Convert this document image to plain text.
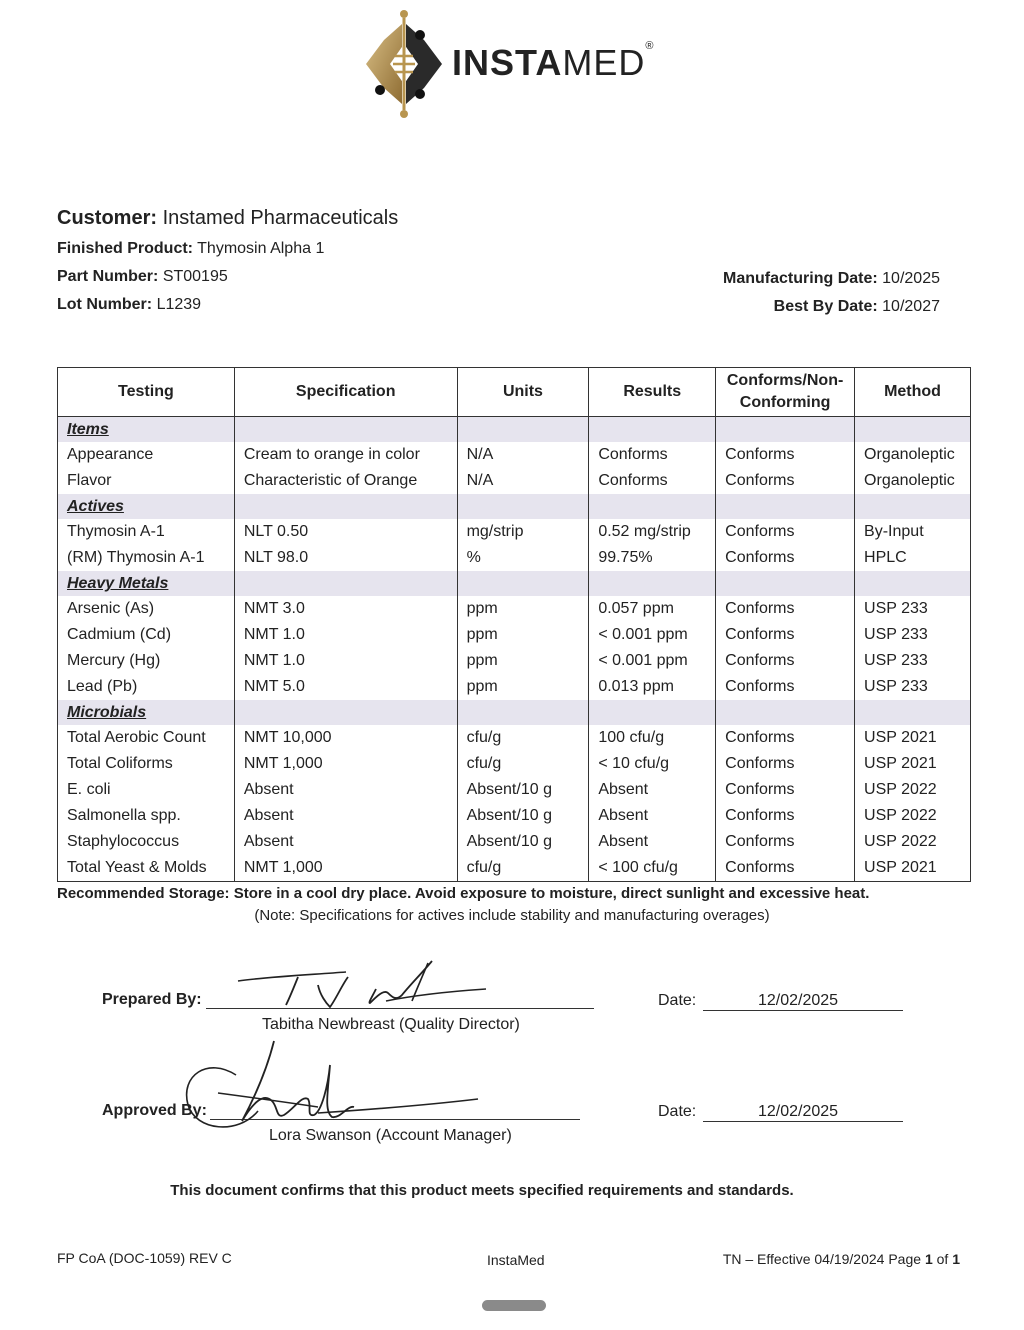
INSTAMED®
Customer: Instamed Pharmaceuticals
Finished Product: Thymosin Alpha 1
Part Number: ST00195
Lot Number: L1239
Manufacturing Date: 10/2025
Best By Date: 10/2027
Testing	Specification	Units	Results	Conforms/Non-Conforming	Method
Items					
Appearance	Cream to orange in color	N/A	Conforms	Conforms	Organoleptic
Flavor	Characteristic of Orange	N/A	Conforms	Conforms	Organoleptic
Actives					
Thymosin A-1	NLT 0.50	mg/strip	0.52 mg/strip	Conforms	By-Input
(RM) Thymosin A-1	NLT 98.0	%	99.75%	Conforms	HPLC
Heavy Metals					
Arsenic (As)	NMT 3.0	ppm	0.057 ppm	Conforms	USP 233
Cadmium (Cd)	NMT 1.0	ppm	< 0.001 ppm	Conforms	USP 233
Mercury (Hg)	NMT 1.0	ppm	< 0.001 ppm	Conforms	USP 233
Lead (Pb)	NMT 5.0	ppm	0.013 ppm	Conforms	USP 233
Microbials					
Total Aerobic Count	NMT 10,000	cfu/g	100 cfu/g	Conforms	USP 2021
Total Coliforms	NMT 1,000	cfu/g	< 10 cfu/g	Conforms	USP 2021
E. coli	Absent	Absent/10 g	Absent	Conforms	USP 2022
Salmonella spp.	Absent	Absent/10 g	Absent	Conforms	USP 2022
Staphylococcus	Absent	Absent/10 g	Absent	Conforms	USP 2022
Total Yeast & Molds	NMT 1,000	cfu/g	< 100 cfu/g	Conforms	USP 2021
Recommended Storage: Store in a cool dry place. Avoid exposure to moisture, direct sunlight and excessive heat.
(Note: Specifications for actives include stability and manufacturing overages)
Prepared By:
Tabitha Newbreast (Quality Director)
Date:	12/02/2025
Approved By:
Lora Swanson (Account Manager)
Date:	12/02/2025
This document confirms that this product meets specified requirements and standards.
FP CoA (DOC-1059) REV C	InstaMed	TN – Effective 04/19/2024 Page 1 of 1
